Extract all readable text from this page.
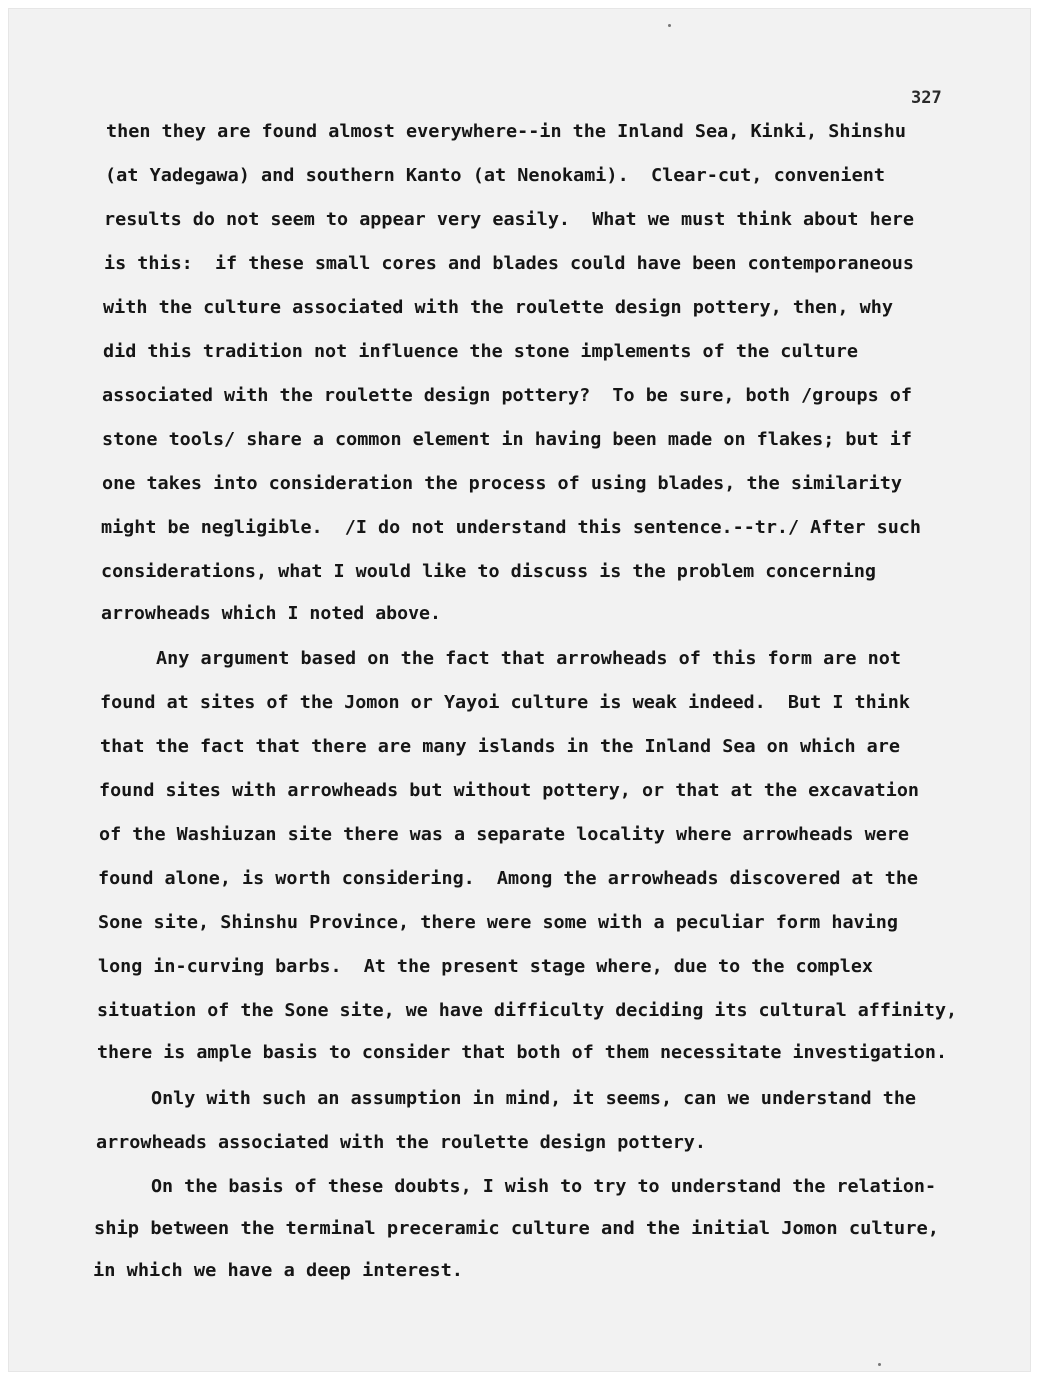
327
then they are found almost everywhere--in the Inland Sea, Kinki, Shinshu
(at Yadegawa) and southern Kanto (at Nenokami).  Clear-cut, convenient
results do not seem to appear very easily.  What we must think about here
is this:  if these small cores and blades could have been contemporaneous
with the culture associated with the roulette design pottery, then, why
did this tradition not influence the stone implements of the culture
associated with the roulette design pottery?  To be sure, both /groups of
stone tools/ share a common element in having been made on flakes; but if
one takes into consideration the process of using blades, the similarity
might be negligible.  /I do not understand this sentence.--tr./ After such
considerations, what I would like to discuss is the problem concerning
arrowheads which I noted above.
Any argument based on the fact that arrowheads of this form are not
found at sites of the Jomon or Yayoi culture is weak indeed.  But I think
that the fact that there are many islands in the Inland Sea on which are
found sites with arrowheads but without pottery, or that at the excavation
of the Washiuzan site there was a separate locality where arrowheads were
found alone, is worth considering.  Among the arrowheads discovered at the
Sone site, Shinshu Province, there were some with a peculiar form having
long in-curving barbs.  At the present stage where, due to the complex
situation of the Sone site, we have difficulty deciding its cultural affinity,
there is ample basis to consider that both of them necessitate investigation.
Only with such an assumption in mind, it seems, can we understand the
arrowheads associated with the roulette design pottery.
On the basis of these doubts, I wish to try to understand the relation-
ship between the terminal preceramic culture and the initial Jomon culture,
in which we have a deep interest.
